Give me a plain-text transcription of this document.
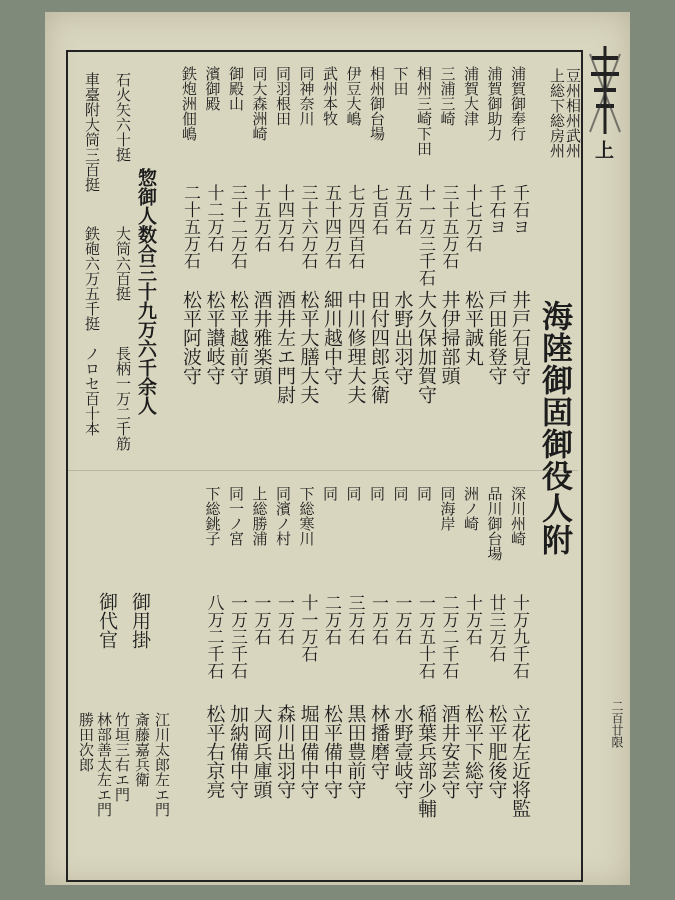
上
二百廿限
海陸御固御役人附
豆州相州武州
上総下総房州
浦賀御奉行
千石ヨ
井戸石見守
浦賀御助力
千石ヨ
戸田能登守
浦賀大津
十七万石
松平誠丸
三浦三崎
三十五万石
井伊掃部頭
相州三崎下田
十一万三千石
大久保加賀守
下田
五万石
水野出羽守
相州御台場
七百石
田付四郎兵衛
伊豆大嶋
七万四百石
中川修理大夫
武州本牧
五十四万石
細川越中守
同神奈川
三十六万石
松平大膳大夫
同羽根田
十四万石
酒井左エ門尉
同大森洲崎
十五万石
酒井雅楽頭
御殿山
三十二万石
松平越前守
濱御殿
十二万石
松平讃岐守
鉄炮洲佃嶋
二十五万石
松平阿波守
深川州崎
十万九千石
立花左近将監
品川御台場
廿三万石
松平肥後守
洲ノ崎
十万石
松平下総守
同海岸
二万二千石
酒井安芸守
同
一万五十石
稲葉兵部少輔
同
一万石
水野壹岐守
同
一万石
林播磨守
同
三万石
黒田豊前守
同
二万石
松平備中守
下総寒川
十一万石
堀田備中守
同濱ノ村
一万石
森川出羽守
上総勝浦
一万石
大岡兵庫頭
同一ノ宮
一万三千石
加納備中守
下総銚子
八万二千石
松平右京亮
惣御人数合三十九万六千余人
石火矢六十挺
大筒六百挺
長柄一万二千筋
車臺附大筒三百挺
鉄砲六万五千挺
ノロセ百十本
御用掛
御代官
江川太郎左エ門
斎藤嘉兵衛
竹垣三右エ門
林部善太左エ門
勝田次郎
